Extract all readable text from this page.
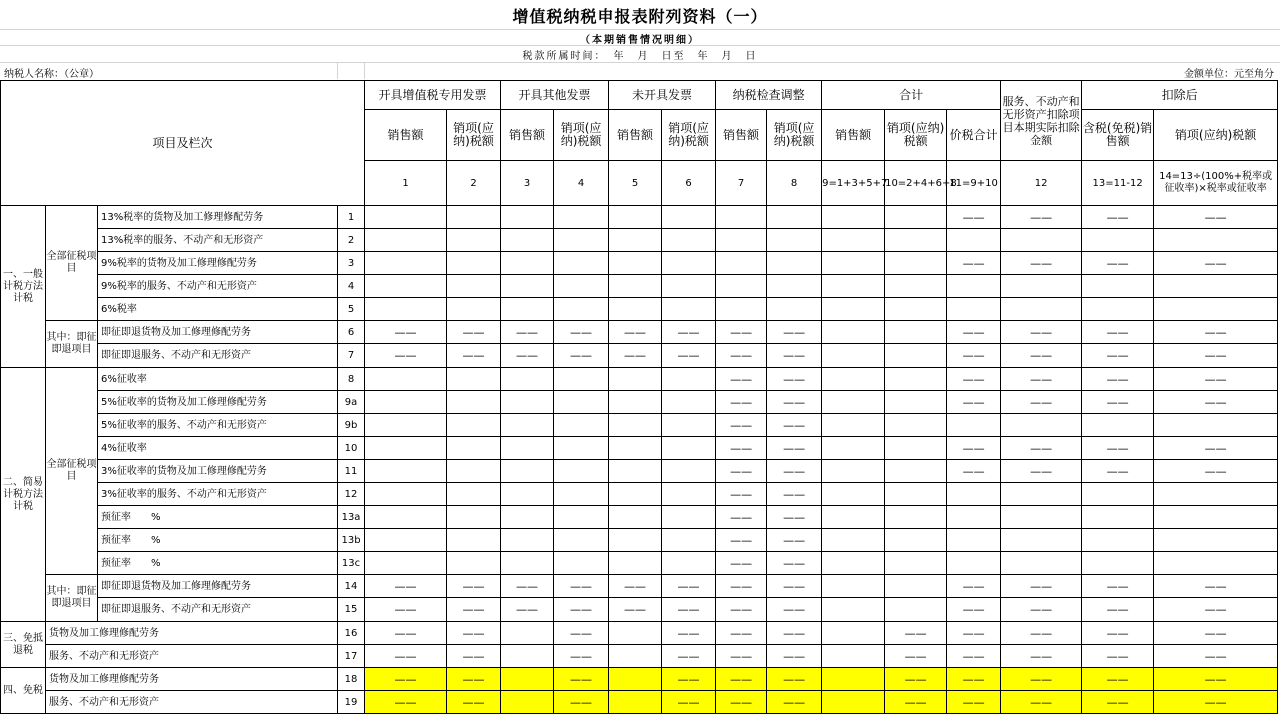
增值税纳税申报表附列资料（一）
（本期销售情况明细）
税款所属时间：　年　月　日至　年　月　日
纳税人名称：（公章）	金额单位：元至角分
项目及栏次				开具增值税专用发票		开具其他发票		未开具发票		纳税检查调整		合计			服务、不动产和无形资产扣除项目本期实际扣除金额	扣除后	
				销售额	销项(应纳)税额	销售额	销项(应纳)税额	销售额	销项(应纳)税额	销售额	销项(应纳)税额	销售额	销项(应纳)税额	价税合计		含税(免税)销售额	销项(应纳)税额
				1	2	3	4	5	6	7	8	9=1+3+5+7	10=2+4+6+8	11=9+10	12	13=11-12	14=13÷(100%+税率或征收率)×税率或征收率
一、一般计税方法计税	全部征税项目	13%税率的货物及加工修理修配劳务	1											——	——	——	——
		13%税率的服务、不动产和无形资产	2														
		9%税率的货物及加工修理修配劳务	3											——	——	——	——
		9%税率的服务、不动产和无形资产	4														
		6%税率	5														
	其中：即征即退项目	即征即退货物及加工修理修配劳务	6	——	——	——	——	——	——	——	——			——	——	——	——
		即征即退服务、不动产和无形资产	7	——	——	——	——	——	——	——	——			——	——	——	——
二、简易计税方法计税	全部征税项目	6%征收率	8							——	——			——	——	——	——
		5%征收率的货物及加工修理修配劳务	9a							——	——			——	——	——	——
		5%征收率的服务、不动产和无形资产	9b							——	——						
		4%征收率	10							——	——			——	——	——	——
		3%征收率的货物及加工修理修配劳务	11							——	——			——	——	——	——
		3%征收率的服务、不动产和无形资产	12							——	——						
		预征率　　%	13a							——	——						
		预征率　　%	13b							——	——						
		预征率　　%	13c							——	——						
	其中：即征即退项目	即征即退货物及加工修理修配劳务	14	——	——	——	——	——	——	——	——			——	——	——	——
		即征即退服务、不动产和无形资产	15	——	——	——	——	——	——	——	——			——	——	——	——
三、免抵退税	货物及加工修理修配劳务		16	——	——		——		——	——	——		——	——	——	——	——
	服务、不动产和无形资产		17	——	——		——		——	——	——		——	——	——	——	——
四、免税	货物及加工修理修配劳务		18	——	——		——		——	——	——		——	——	——	——	——
	服务、不动产和无形资产		19	——	——		——		——	——	——		——	——	——	——	——
